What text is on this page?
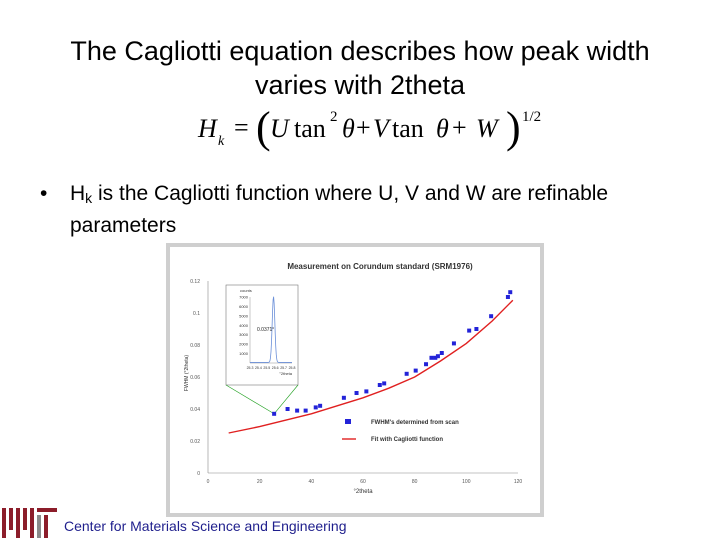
The Cagliotti equation describes how peak width varies with 2theta
H k = ( U tan 2 θ + V tan θ + W ) 1/2
• $H_k$ is the Cagliotti function where U, V and W are refinable parameters
Measurement on Corundum standard (SRM1976)
FWHM (°2theta)
°2theta
0	20	40	60	80	100	120
0
0.02
0.04
0.06
0.08
0.1
0.12
counts
1000
2000
3000
4000
5000
6000
7000
25.3 25.4 25.5 25.6 25.7 25.8
°2theta
0.0371°
FWHM's determined from scan
Fit with Cagliotti function
Center for Materials Science and Engineering
